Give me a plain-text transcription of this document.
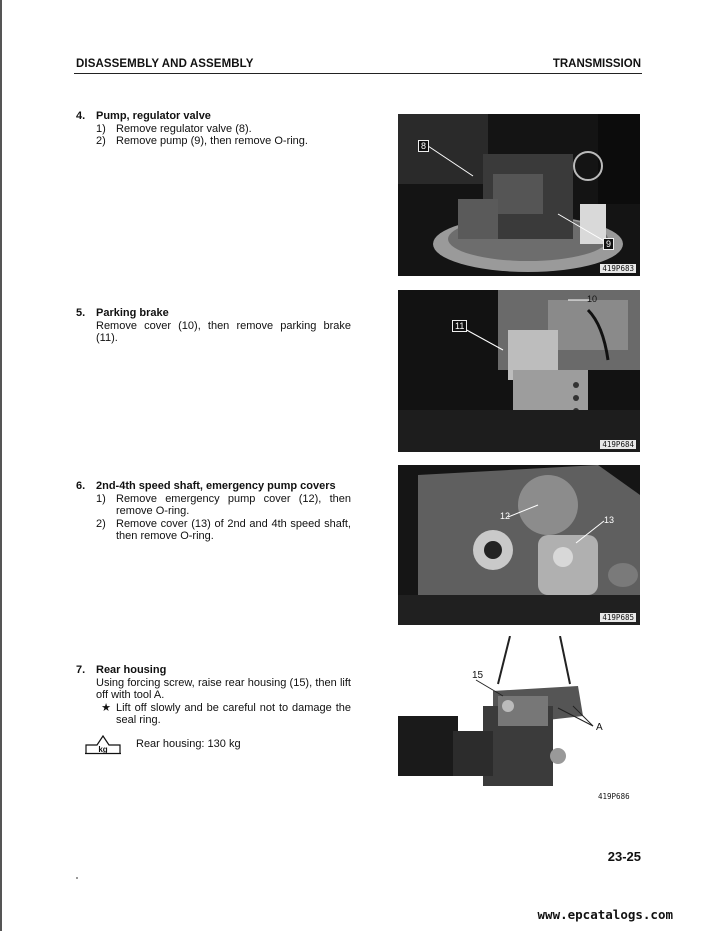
DISASSEMBLY AND ASSEMBLY	TRANSMISSION
4. Pump, regulator valve
1) Remove regulator valve (8).
2) Remove pump (9), then remove O-ring.
5. Parking brake
Remove cover (10), then remove parking brake (11).
6. 2nd-4th speed shaft, emergency pump covers
1) Remove emergency pump cover (12), then remove O-ring.
2) Remove cover (13) of 2nd and 4th speed shaft, then remove O-ring.
7. Rear housing
Using forcing screw, raise rear housing (15), then lift off with tool A.
★ Lift off slowly and be careful not to damage the seal ring.
kg	Rear housing: 130 kg
8
9
419P683
10
11
419P684
12	13
419P685
15
A
419P686
23-25
www.epcatalogs.com
